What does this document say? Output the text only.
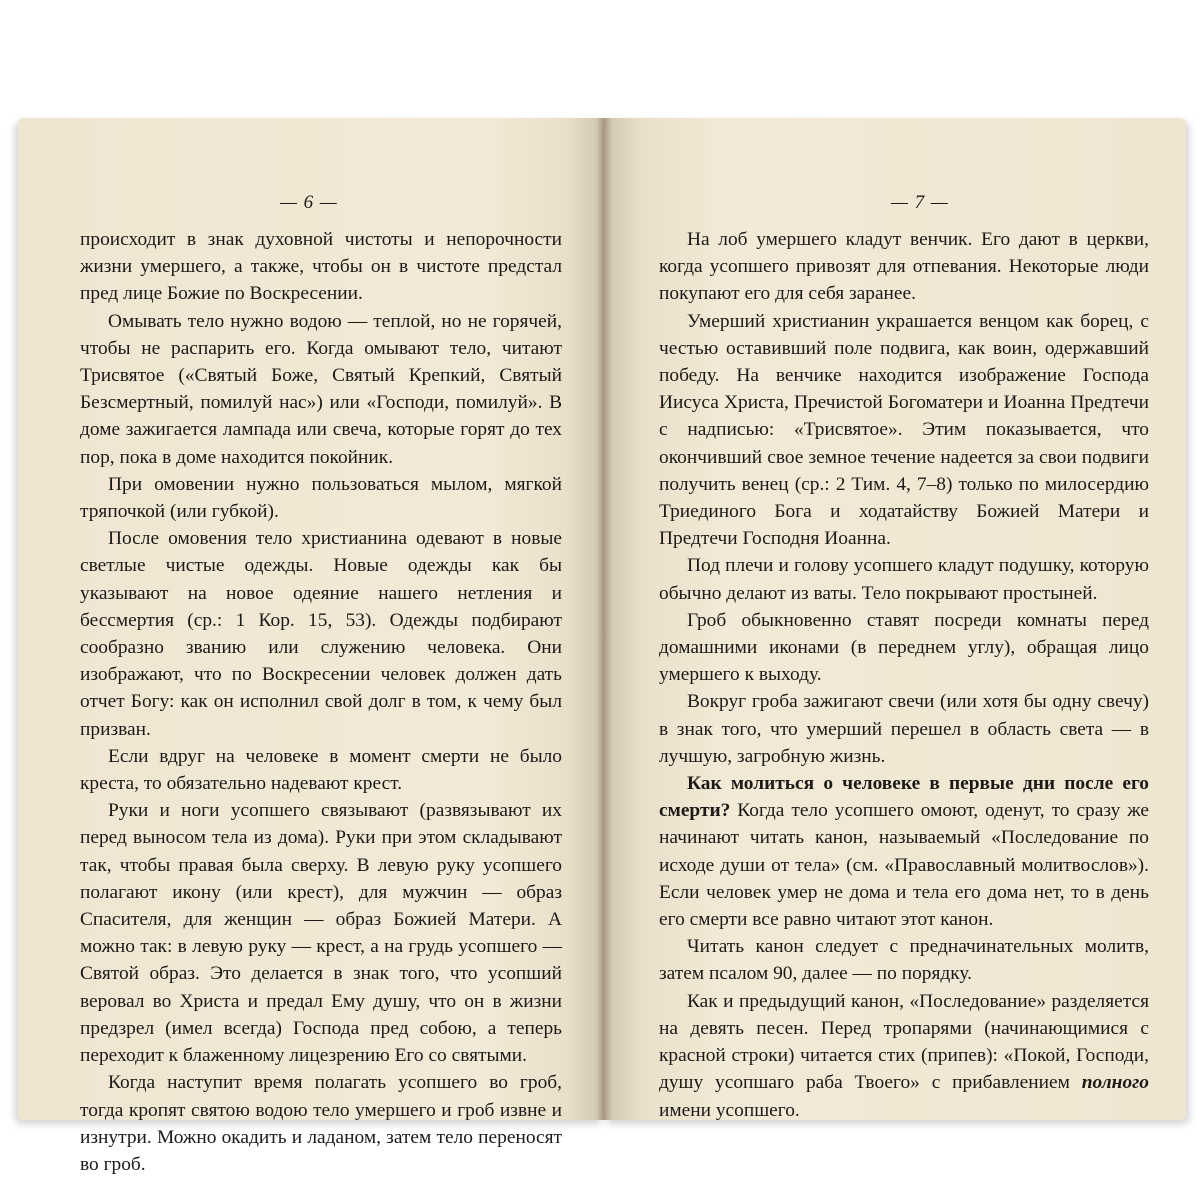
— 6 —

происходит в знак духовной чистоты и непорочности жизни умершего, а также, чтобы он в чистоте предстал пред лице Божие по Воскресении.

Омывать тело нужно водою — теплой, но не горячей, чтобы не распарить его. Когда омывают тело, читают Трисвятое («Святый Боже, Святый Крепкий, Святый Безсмертный, помилуй нас») или «Господи, помилуй». В доме зажигается лампада или свеча, которые горят до тех пор, пока в доме находится покойник.

При омовении нужно пользоваться мылом, мягкой тряпочкой (или губкой).

После омовения тело христианина одевают в новые светлые чистые одежды. Новые одежды как бы указывают на новое одеяние нашего нетления и бессмертия (ср.: 1 Кор. 15, 53). Одежды подбирают сообразно званию или служению человека. Они изображают, что по Воскресении человек должен дать отчет Богу: как он исполнил свой долг в том, к чему был призван.

Если вдруг на человеке в момент смерти не было креста, то обязательно надевают крест.

Руки и ноги усопшего связывают (развязывают их перед выносом тела из дома). Руки при этом складывают так, чтобы правая была сверху. В левую руку усопшего полагают икону (или крест), для мужчин — образ Спасителя, для женщин — образ Божией Матери. А можно так: в левую руку — крест, а на грудь усопшего — Святой образ. Это делается в знак того, что усопший веровал во Христа и предал Ему душу, что он в жизни предзрел (имел всегда) Господа пред собою, а теперь переходит к блаженному лицезрению Его со святыми.

Когда наступит время полагать усопшего во гроб, тогда кропят святою водою тело умершего и гроб извне и изнутри. Можно окадить и ладаном, затем тело переносят во гроб.

— 7 —

На лоб умершего кладут венчик. Его дают в церкви, когда усопшего привозят для отпевания. Некоторые люди покупают его для себя заранее.

Умерший христианин украшается венцом как борец, с честью оставивший поле подвига, как воин, одержавший победу. На венчике находится изображение Господа Иисуса Христа, Пречистой Богоматери и Иоанна Предтечи с надписью: «Трисвятое». Этим показывается, что окончивший свое земное течение надеется за свои подвиги получить венец (ср.: 2 Тим. 4, 7–8) только по милосердию Триединого Бога и ходатайству Божией Матери и Предтечи Господня Иоанна.

Под плечи и голову усопшего кладут подушку, которую обычно делают из ваты. Тело покрывают простыней.

Гроб обыкновенно ставят посреди комнаты перед домашними иконами (в переднем углу), обращая лицо умершего к выходу.

Вокруг гроба зажигают свечи (или хотя бы одну свечу) в знак того, что умерший перешел в область света — в лучшую, загробную жизнь.

Как молиться о человеке в первые дни после его смерти? Когда тело усопшего омоют, оденут, то сразу же начинают читать канон, называемый «Последование по исходе души от тела» (см. «Православный молитвослов»). Если человек умер не дома и тела его дома нет, то в день его смерти все равно читают этот канон.

Читать канон следует с предначинательных молитв, затем псалом 90, далее — по порядку.

Как и предыдущий канон, «Последование» разделяется на девять песен. Перед тропарями (начинающимися с красной строки) читается стих (припев): «Покой, Господи, душу усопшаго раба Твоего» с прибавлением полного имени усопшего.
